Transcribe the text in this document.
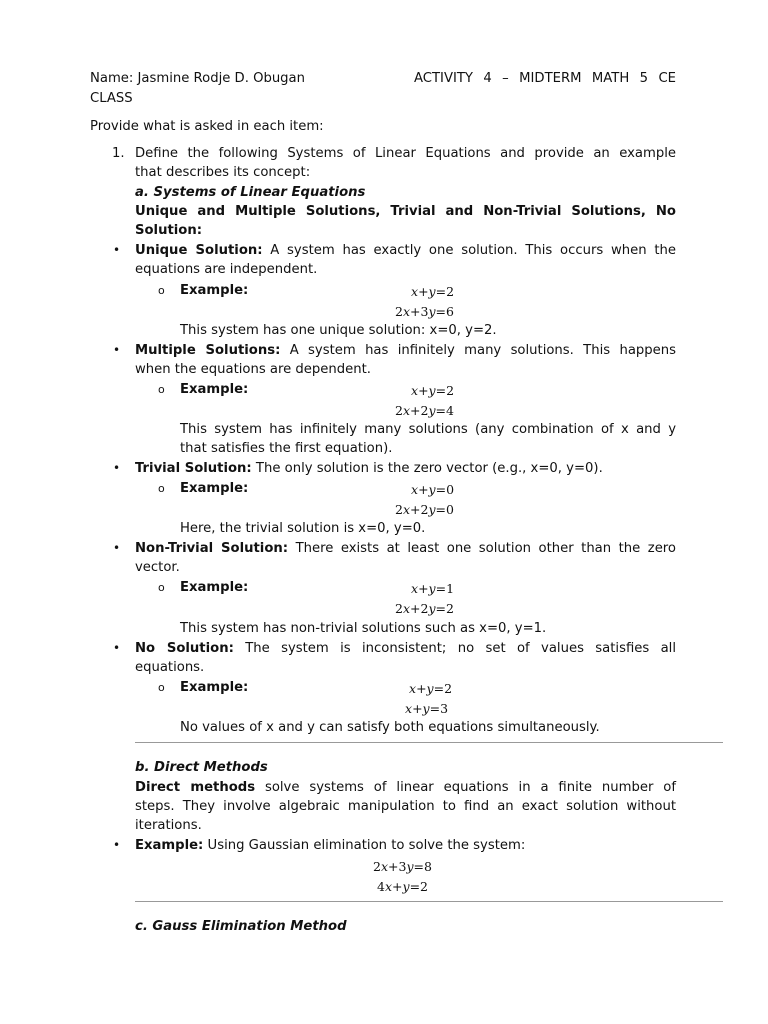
Name: Jasmine Rodje D. Obugan	ACTIVITY 4 – MIDTERM MATH 5 CE
CLASS
Provide what is asked in each item:
1. Define the following Systems of Linear Equations and provide an example
that describes its concept:
a. Systems of Linear Equations
Unique and Multiple Solutions, Trivial and Non-Trivial Solutions, No
Solution:
• Unique Solution: A system has exactly one solution. This occurs when the
equations are independent.
o Example:	x+y=2
2x+3y=6
This system has one unique solution: x=0, y=2.
• Multiple Solutions: A system has infinitely many solutions. This happens
when the equations are dependent.
o Example:	x+y=2
2x+2y=4
This system has infinitely many solutions (any combination of x and y
that satisfies the first equation).
• Trivial Solution: The only solution is the zero vector (e.g., x=0, y=0).
o Example:	x+y=0
2x+2y=0
Here, the trivial solution is x=0, y=0.
• Non-Trivial Solution: There exists at least one solution other than the zero
vector.
o Example:	x+y=1
2x+2y=2
This system has non-trivial solutions such as x=0, y=1.
• No Solution: The system is inconsistent; no set of values satisfies all
equations.
o Example:	x+y=2
x+y=3
No values of x and y can satisfy both equations simultaneously.
b. Direct Methods
Direct methods solve systems of linear equations in a finite number of
steps. They involve algebraic manipulation to find an exact solution without
iterations.
• Example: Using Gaussian elimination to solve the system:
2x+3y=8
4x+y=2
c. Gauss Elimination Method
